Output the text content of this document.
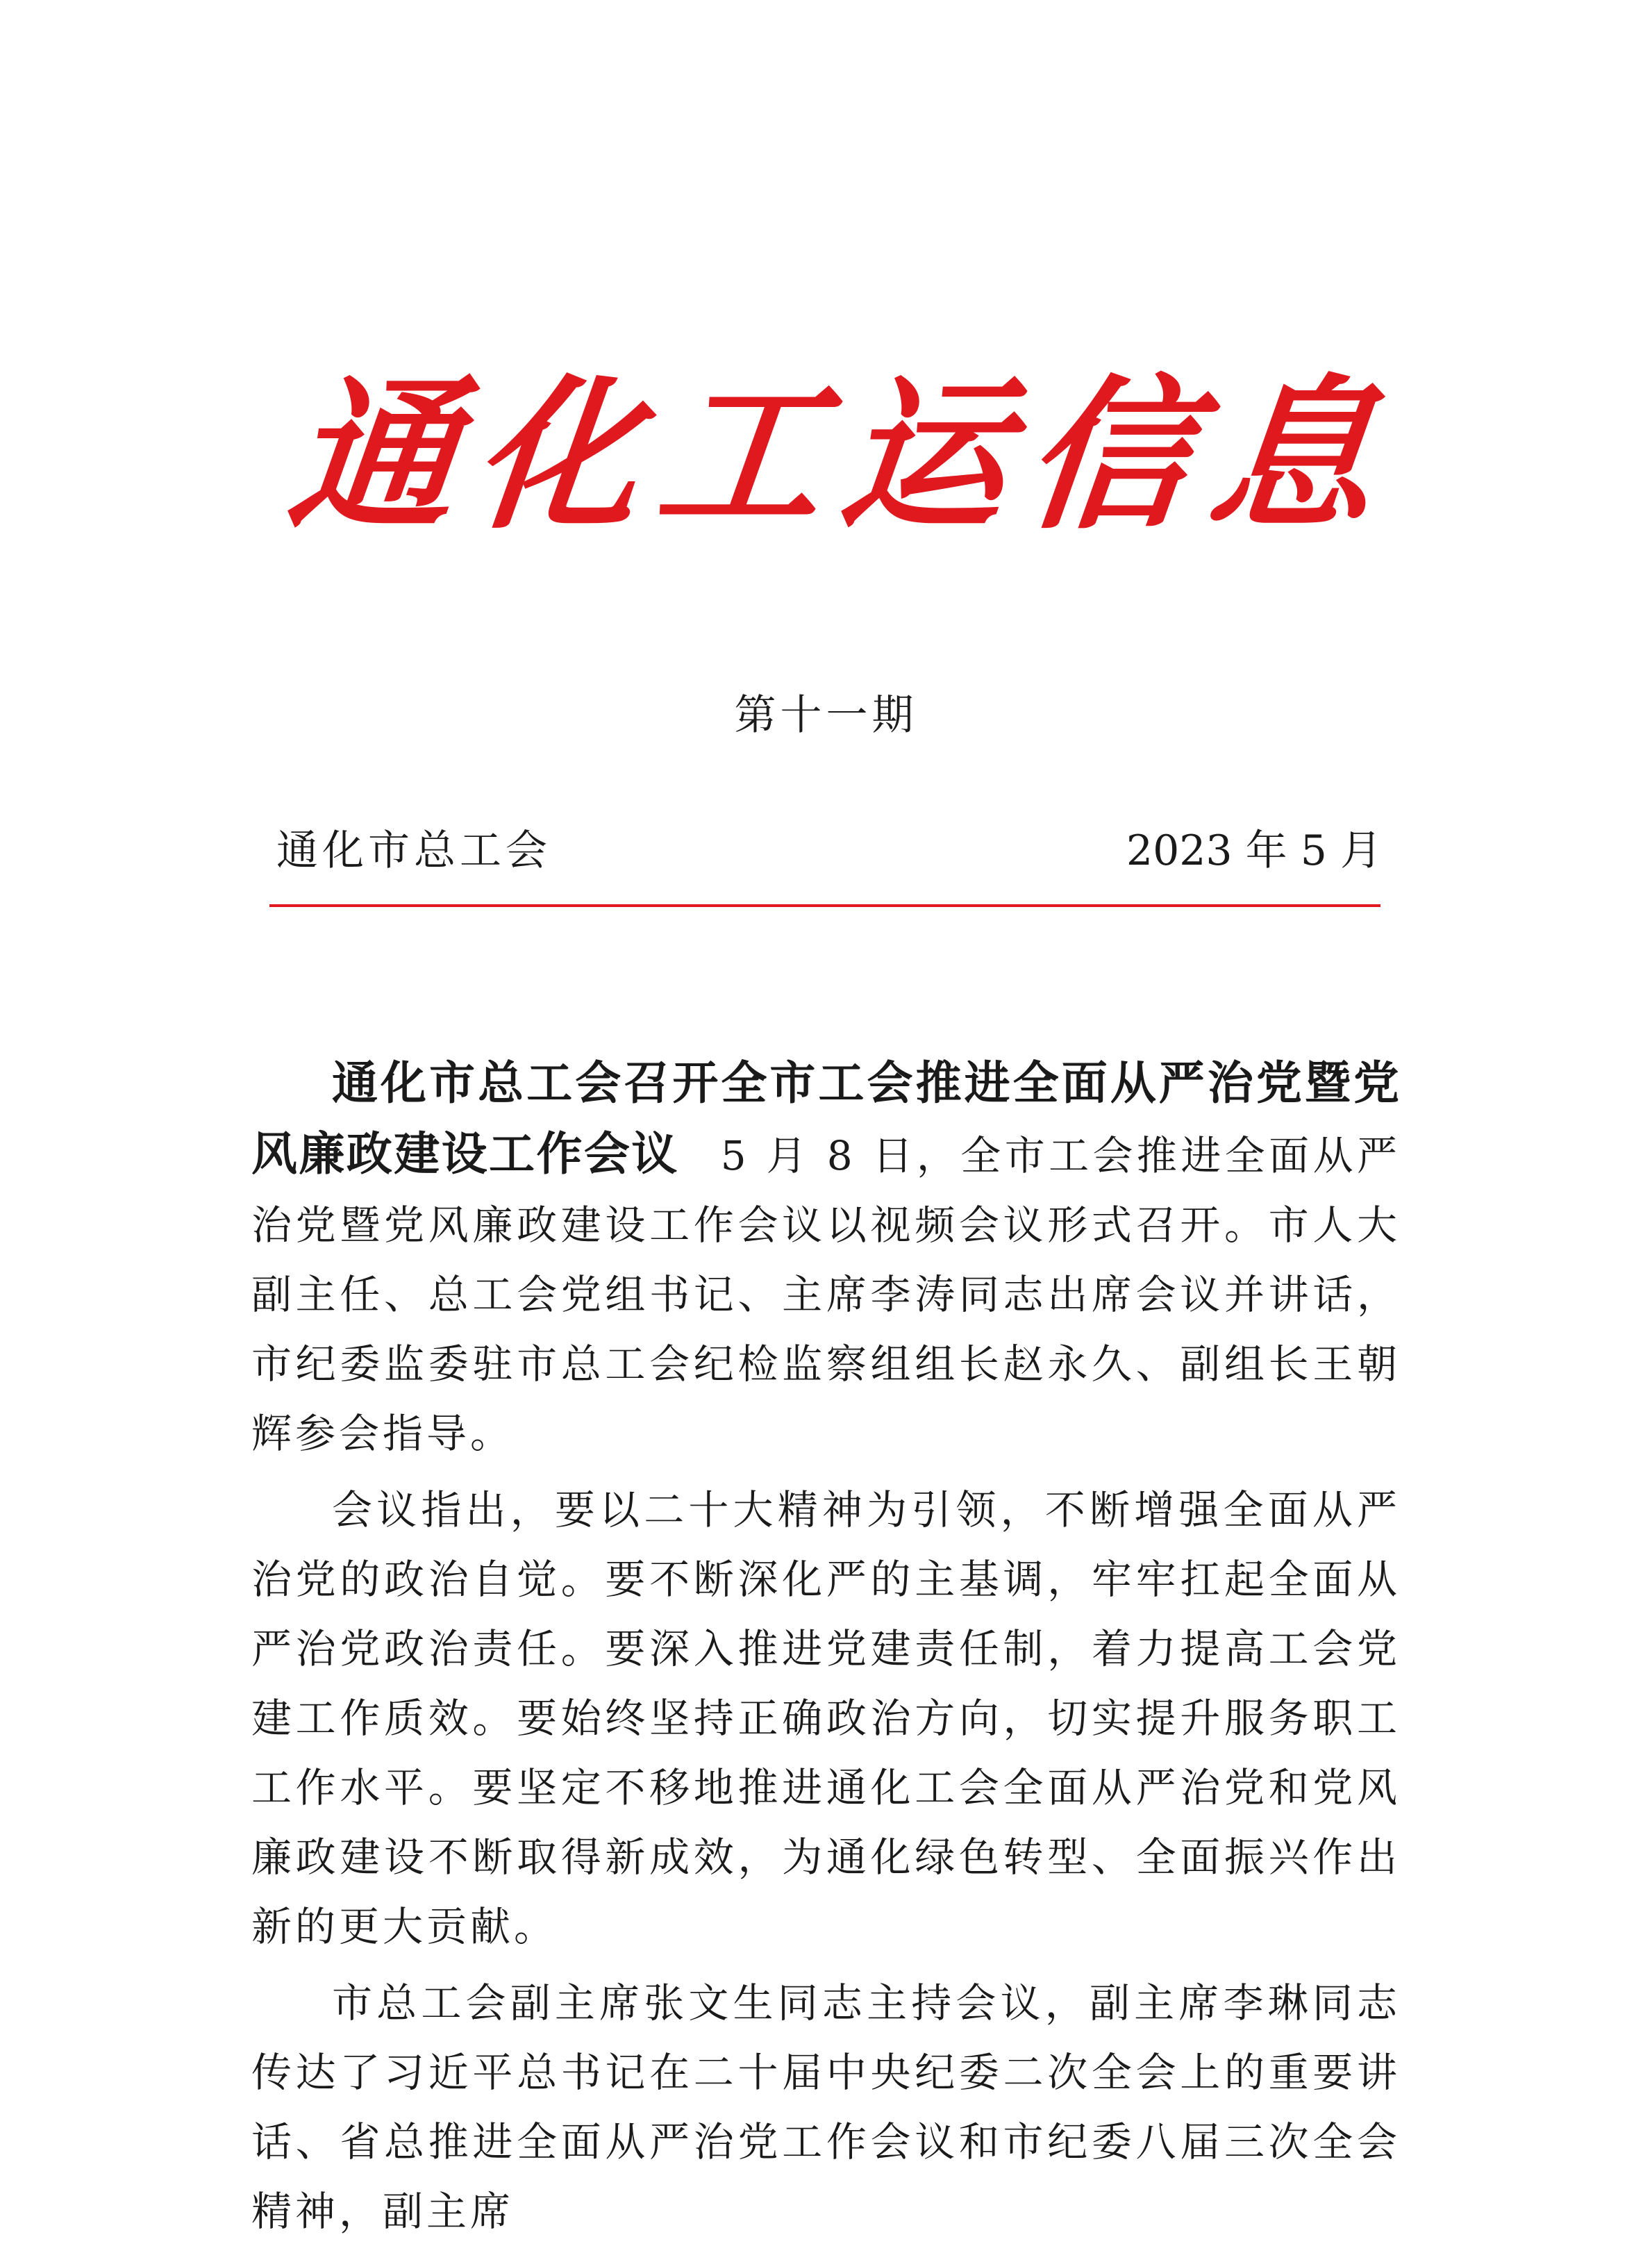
通 化 工 运 信 息
第十一期
通化市总工会	2023 年 5 月

通化市总工会召开全市工会推进全面从严治党暨党风廉政建设工作会议 5 月 8 日，全市工会推进全面从严治党暨党风廉政建设工作会议以视频会议形式召开。市人大副主任、总工会党组书记、主席李涛同志出席会议并讲话，市纪委监委驻市总工会纪检监察组组长赵永久、副组长王朝辉参会指导。

会议指出，要以二十大精神为引领，不断增强全面从严治党的政治自觉。要不断深化严的主基调，牢牢扛起全面从严治党政治责任。要深入推进党建责任制，着力提高工会党建工作质效。要始终坚持正确政治方向，切实提升服务职工工作水平。要坚定不移地推进通化工会全面从严治党和党风廉政建设不断取得新成效，为通化绿色转型、全面振兴作出新的更大贡献。

市总工会副主席张文生同志主持会议，副主席李琳同志传达了习近平总书记在二十届中央纪委二次全会上的重要讲话、省总推进全面从严治党工作会议和市纪委八届三次全会精神，副主席
